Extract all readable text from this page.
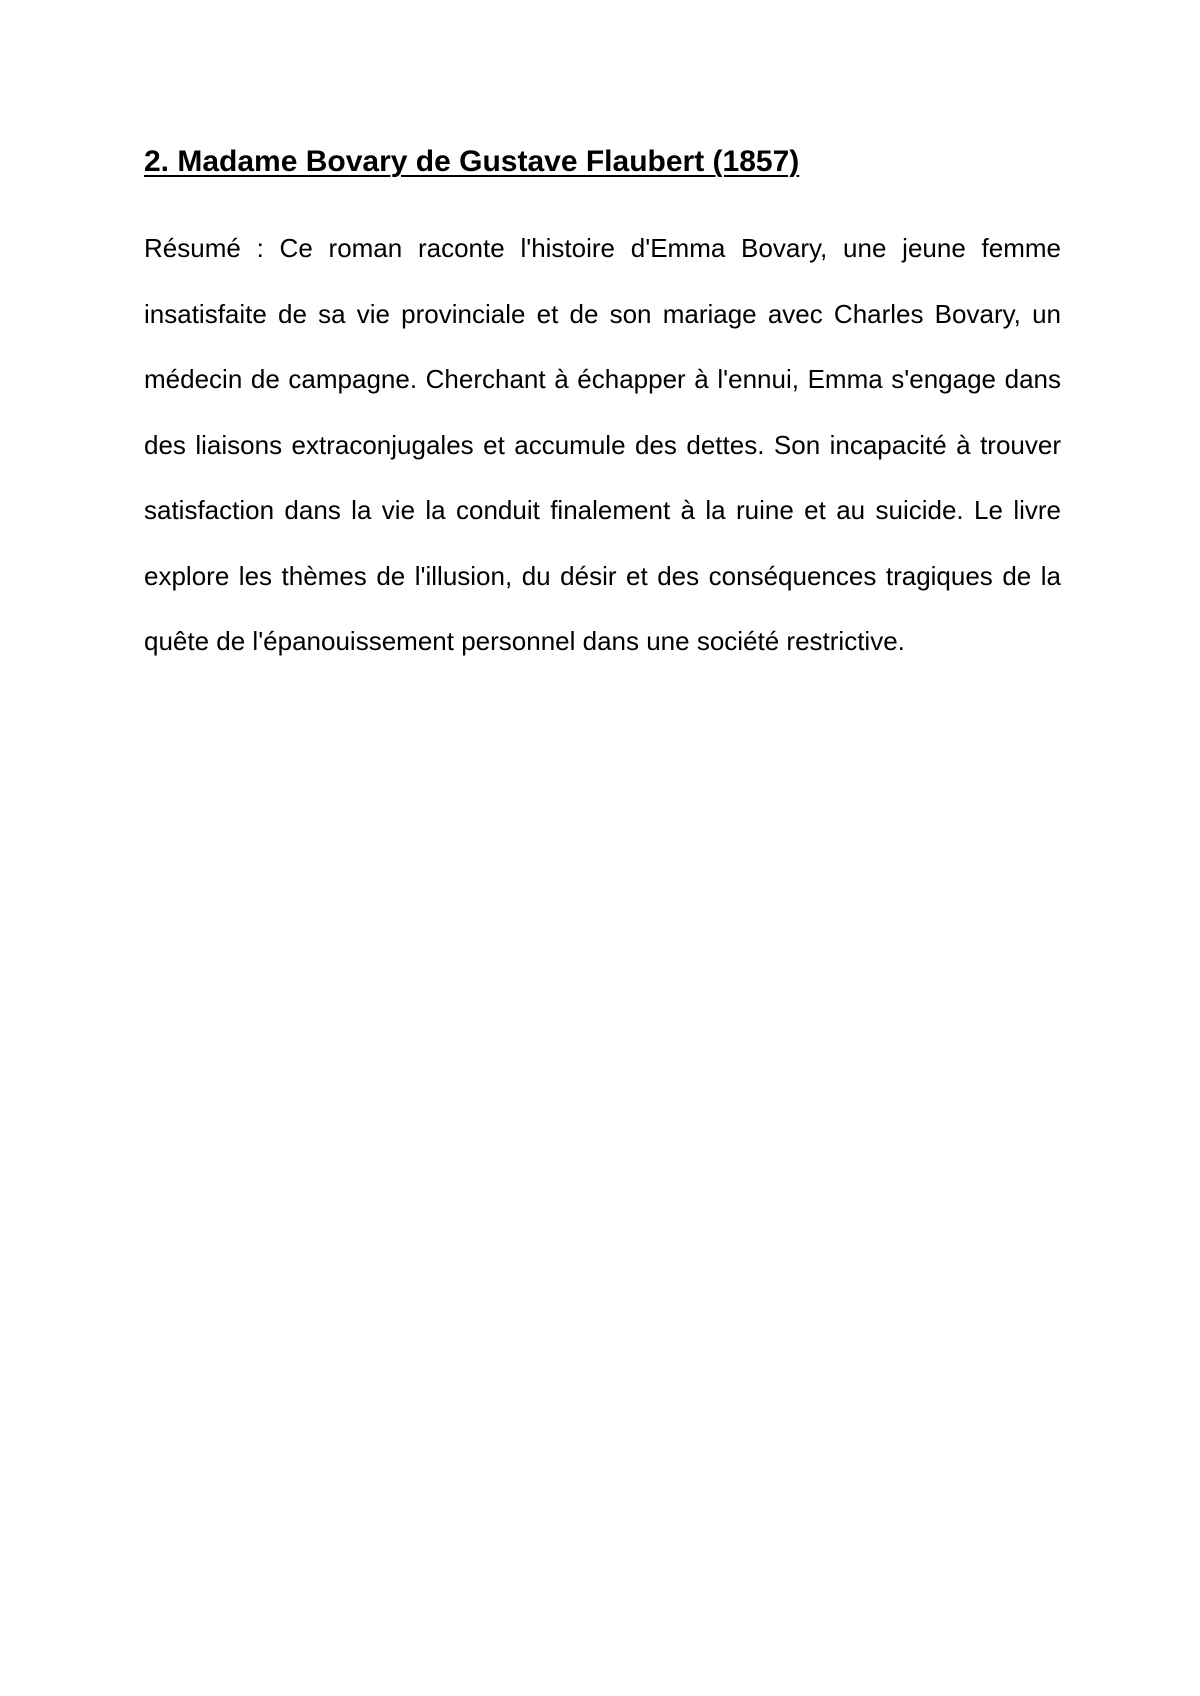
2. Madame Bovary de Gustave Flaubert (1857)

Résumé : Ce roman raconte l'histoire d'Emma Bovary, une jeune femme insatisfaite de sa vie provinciale et de son mariage avec Charles Bovary, un médecin de campagne. Cherchant à échapper à l'ennui, Emma s'engage dans des liaisons extraconjugales et accumule des dettes. Son incapacité à trouver satisfaction dans la vie la conduit finalement à la ruine et au suicide. Le livre explore les thèmes de l'illusion, du désir et des conséquences tragiques de la quête de l'épanouissement personnel dans une société restrictive.
